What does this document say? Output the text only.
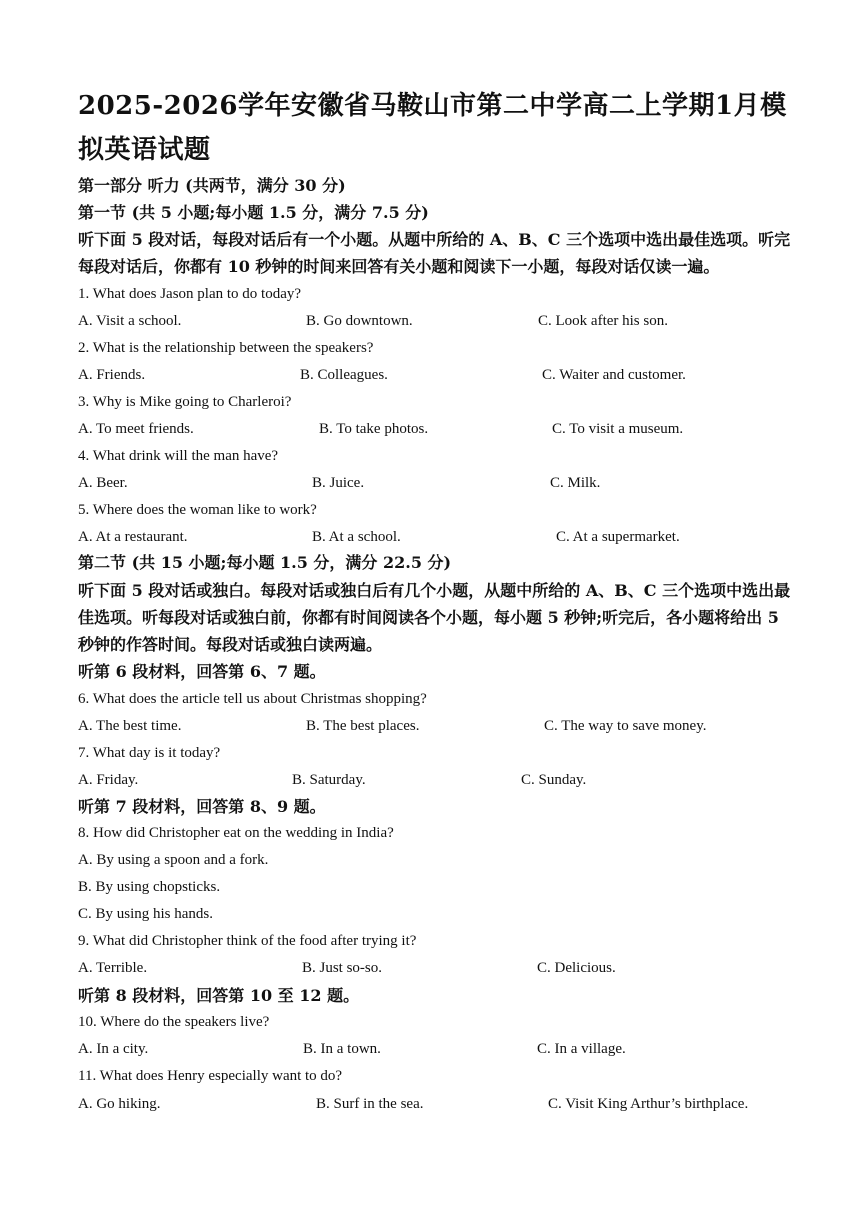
2025-2026学年安徽省马鞍山市第二中学高二上学期1月模拟英语试题
第一部分 听力 (共两节，满分 30 分)
第一节 (共 5 小题;每小题 1.5 分，满分 7.5 分)
听下面 5 段对话，每段对话后有一个小题。从题中所给的 A、B、C 三个选项中选出最佳选项。听完每段对话后，你都有 10 秒钟的时间来回答有关小题和阅读下一小题，每段对话仅读一遍。
1. What does Jason plan to do today?
A. Visit a school.	B. Go downtown.	C. Look after his son.
2. What is the relationship between the speakers?
A. Friends.	B. Colleagues.	C. Waiter and customer.
3. Why is Mike going to Charleroi?
A. To meet friends.	B. To take photos.	C. To visit a museum.
4. What drink will the man have?
A. Beer.	B. Juice.	C. Milk.
5. Where does the woman like to work?
A. At a restaurant.	B. At a school.	C. At a supermarket.
第二节 (共 15 小题;每小题 1.5 分，满分 22.5 分)
听下面 5 段对话或独白。每段对话或独白后有几个小题，从题中所给的 A、B、C 三个选项中选出最佳选项。听每段对话或独白前，你都有时间阅读各个小题，每小题 5 秒钟;听完后，各小题将给出 5 秒钟的作答时间。每段对话或独白读两遍。
听第 6 段材料，回答第 6、7 题。
6. What does the article tell us about Christmas shopping?
A. The best time.	B. The best places.	C. The way to save money.
7. What day is it today?
A. Friday.	B. Saturday.	C. Sunday.
听第 7 段材料，回答第 8、9 题。
8. How did Christopher eat on the wedding in India?
A. By using a spoon and a fork.
B. By using chopsticks.
C. By using his hands.
9. What did Christopher think of the food after trying it?
A. Terrible.	B. Just so-so.	C. Delicious.
听第 8 段材料，回答第 10 至 12 题。
10. Where do the speakers live?
A. In a city.	B. In a town.	C. In a village.
11. What does Henry especially want to do?
A. Go hiking.	B. Surf in the sea.	C. Visit King Arthur’s birthplace.
